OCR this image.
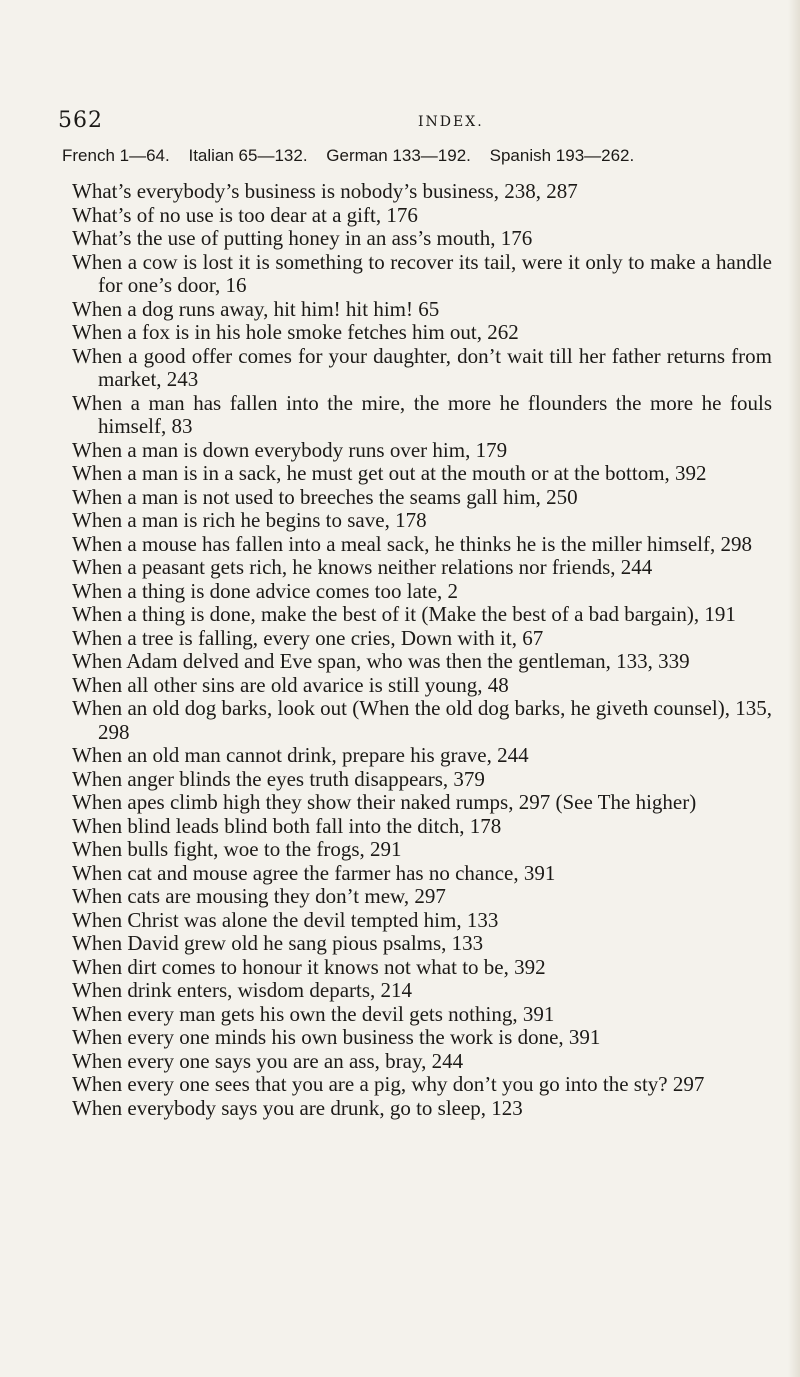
562	INDEX.
French 1—64. Italian 65—132. German 133—192. Spanish 193—262.
What’s everybody’s business is nobody’s business, 238, 287
What’s of no use is too dear at a gift, 176
What’s the use of putting honey in an ass’s mouth, 176
When a cow is lost it is something to recover its tail, were it only to make a handle for one’s door, 16
When a dog runs away, hit him! hit him! 65
When a fox is in his hole smoke fetches him out, 262
When a good offer comes for your daughter, don’t wait till her father returns from market, 243
When a man has fallen into the mire, the more he flounders the more he fouls himself, 83
When a man is down everybody runs over him, 179
When a man is in a sack, he must get out at the mouth or at the bottom, 392
When a man is not used to breeches the seams gall him, 250
When a man is rich he begins to save, 178
When a mouse has fallen into a meal sack, he thinks he is the miller himself, 298
When a peasant gets rich, he knows neither relations nor friends, 244
When a thing is done advice comes too late, 2
When a thing is done, make the best of it (Make the best of a bad bargain), 191
When a tree is falling, every one cries, Down with it, 67
When Adam delved and Eve span, who was then the gentleman, 133, 339
When all other sins are old avarice is still young, 48
When an old dog barks, look out (When the old dog barks, he giveth counsel), 135, 298
When an old man cannot drink, prepare his grave, 244
When anger blinds the eyes truth disappears, 379
When apes climb high they show their naked rumps, 297 (See The higher)
When blind leads blind both fall into the ditch, 178
When bulls fight, woe to the frogs, 291
When cat and mouse agree the farmer has no chance, 391
When cats are mousing they don’t mew, 297
When Christ was alone the devil tempted him, 133
When David grew old he sang pious psalms, 133
When dirt comes to honour it knows not what to be, 392
When drink enters, wisdom departs, 214
When every man gets his own the devil gets nothing, 391
When every one minds his own business the work is done, 391
When every one says you are an ass, bray, 244
When every one sees that you are a pig, why don’t you go into the sty? 297
When everybody says you are drunk, go to sleep, 123
